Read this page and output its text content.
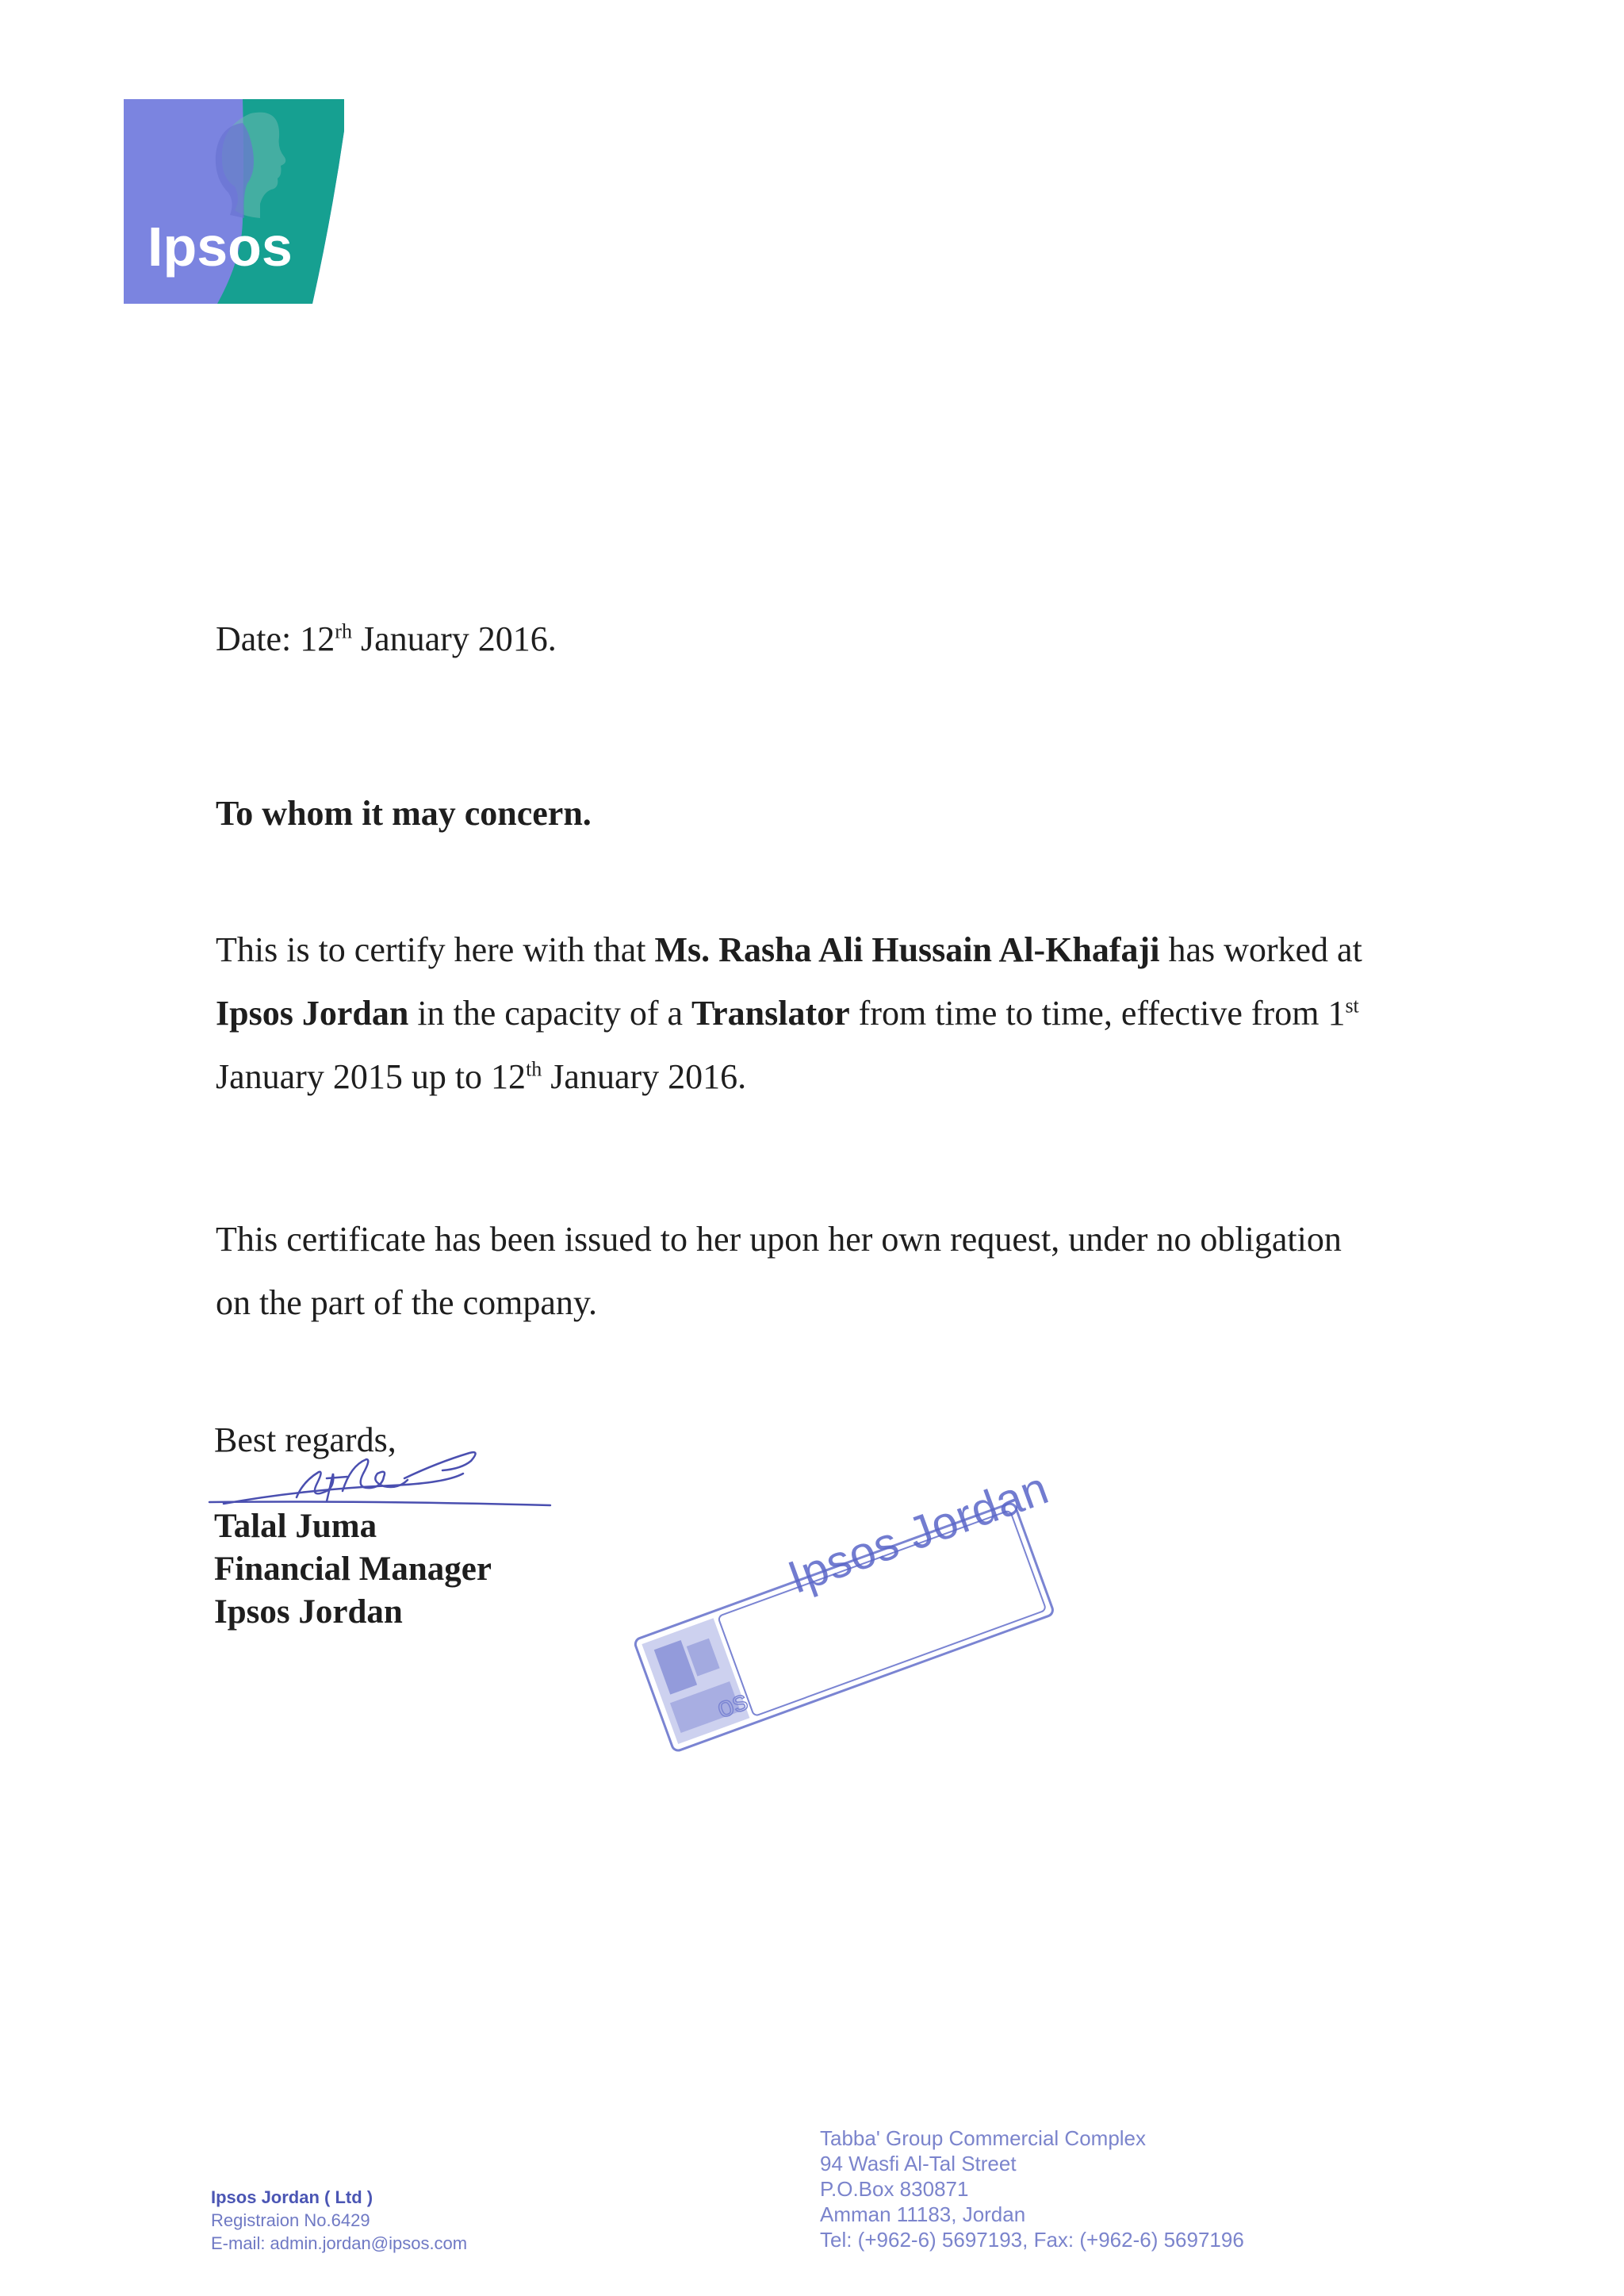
Ipsos
Date: $12^{rh}$ January 2016.
To whom it may concern.
This is to certify here with that Ms. Rasha Ali Hussain Al-Khafaji has worked at
Ipsos Jordan in the capacity of a Translator from time to time, effective from 1st
January 2015 up to 12th January 2016.
This certificate has been issued to her upon her own request, under no obligation
on the part of the company.
Best regards,
Talal Juma
Financial Manager
Ipsos Jordan
os
Ipsos Jordan
Ipsos Jordan ( Ltd )
Registraion No.6429
E-mail: admin.jordan@ipsos.com
Tabba' Group Commercial Complex
94 Wasfi Al-Tal Street
P.O.Box 830871
Amman 11183, Jordan
Tel: (+962-6) 5697193, Fax: (+962-6) 5697196
